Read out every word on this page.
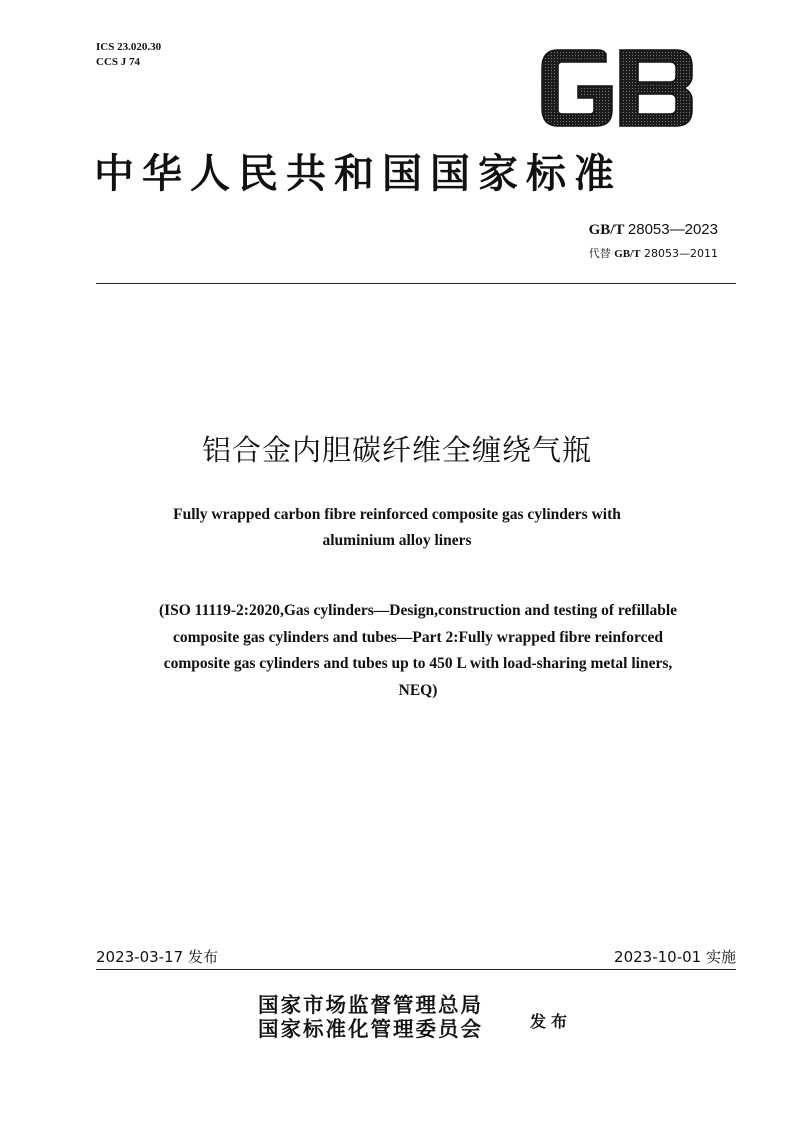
ICS 23.020.30
CCS J 74
中华人民共和国国家标准
GB/T 28053—2023
代替 GB/T 28053—2011
铝合金内胆碳纤维全缠绕气瓶
Fully wrapped carbon fibre reinforced composite gas cylinders with
aluminium alloy liners
(ISO 11119-2:2020,Gas cylinders—Design,construction and testing of refillable
composite gas cylinders and tubes—Part 2:Fully wrapped fibre reinforced
composite gas cylinders and tubes up to 450 L with load-sharing metal liners,
NEQ)
2023-03-17 发布	2023-10-01 实施
国家市场监督管理总局
国家标准化管理委员会	发布
